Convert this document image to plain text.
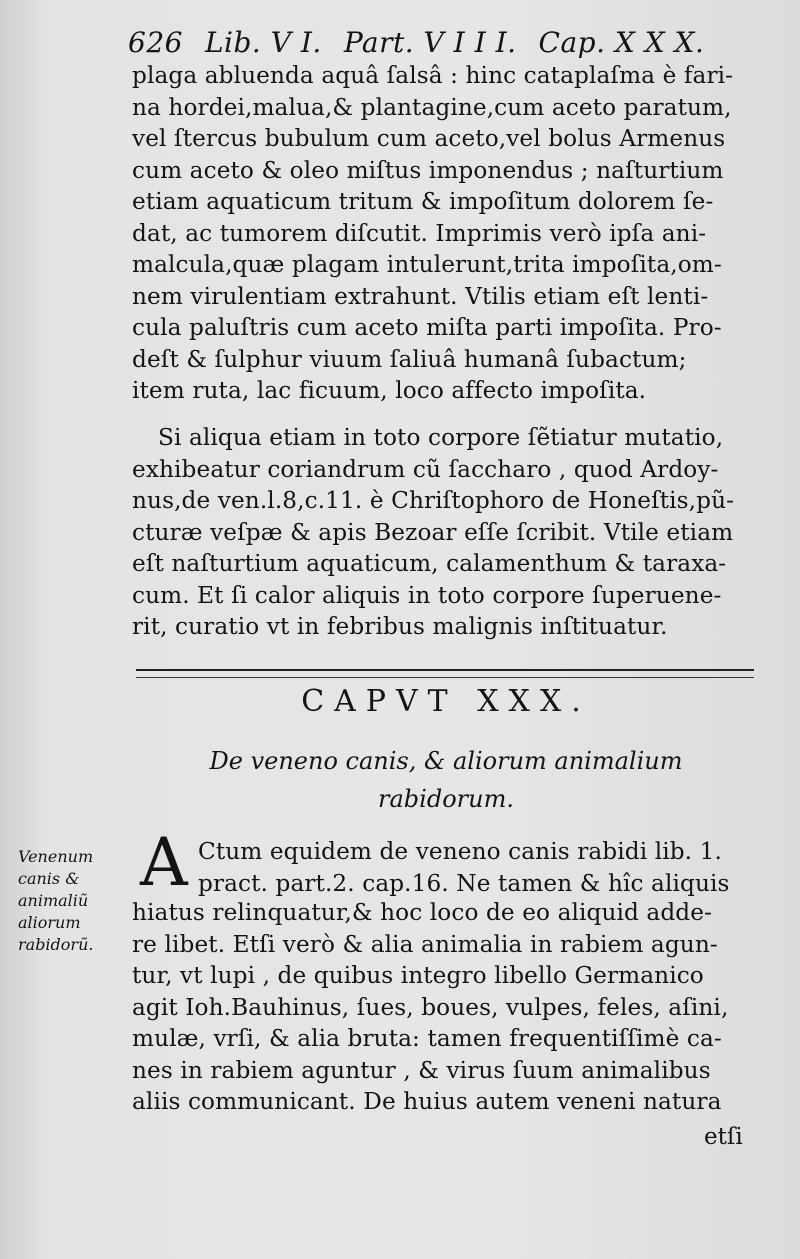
626 Lib. V I. Part. V I I I. Cap. X X X.
plaga abluenda aquâ ſalsâ : hinc cataplaſma è fari-
na hordei,malua,& plantagine,cum aceto paratum,
vel ſtercus bubulum cum aceto,vel bolus Armenus
cum aceto & oleo miſtus imponendus ; naſturtium
etiam aquaticum tritum & impoſitum dolorem ſe-
dat, ac tumorem diſcutit. Imprimis verò ipſa ani-
malcula,quæ plagam intulerunt,trita impoſita,om-
nem virulentiam extrahunt. Vtilis etiam eſt lenti-
cula paluſtris cum aceto miſta parti impoſita. Pro-
deſt & ſulphur viuum ſaliuâ humanâ ſubactum;
item ruta, lac ficuum, loco affecto impoſita.
Si aliqua etiam in toto corpore ſẽtiatur mutatio,
exhibeatur coriandrum cũ ſaccharo , quod Ardoy-
nus,de ven.l.8,c.11. è Chriſtophoro de Honeſtis,pũ-
cturæ veſpæ & apis Bezoar eſſe ſcribit. Vtile etiam
eſt naſturtium aquaticum, calamenthum & taraxa-
cum. Et ſi calor aliquis in toto corpore ſuperuene-
rit, curatio vt in febribus malignis inſtituatur.
CAPVT XXX.
De veneno canis, & aliorum animalium
rabidorum.
Venenum
canis &
animaliũ
aliorum
rabidorũ.
A Ctum equidem de veneno canis rabidi lib. 1.
pract. part.2. cap.16. Ne tamen & hîc aliquis
hiatus relinquatur,& hoc loco de eo aliquid adde-
re libet. Etſi verò & alia animalia in rabiem agun-
tur, vt lupi , de quibus integro libello Germanico
agit Ioh.Bauhinus, ſues, boues, vulpes, feles, aſini,
mulæ, vrſi, & alia bruta: tamen frequentiſſimè ca-
nes in rabiem aguntur , & virus ſuum animalibus
aliis communicant. De huius autem veneni natura
etſi
